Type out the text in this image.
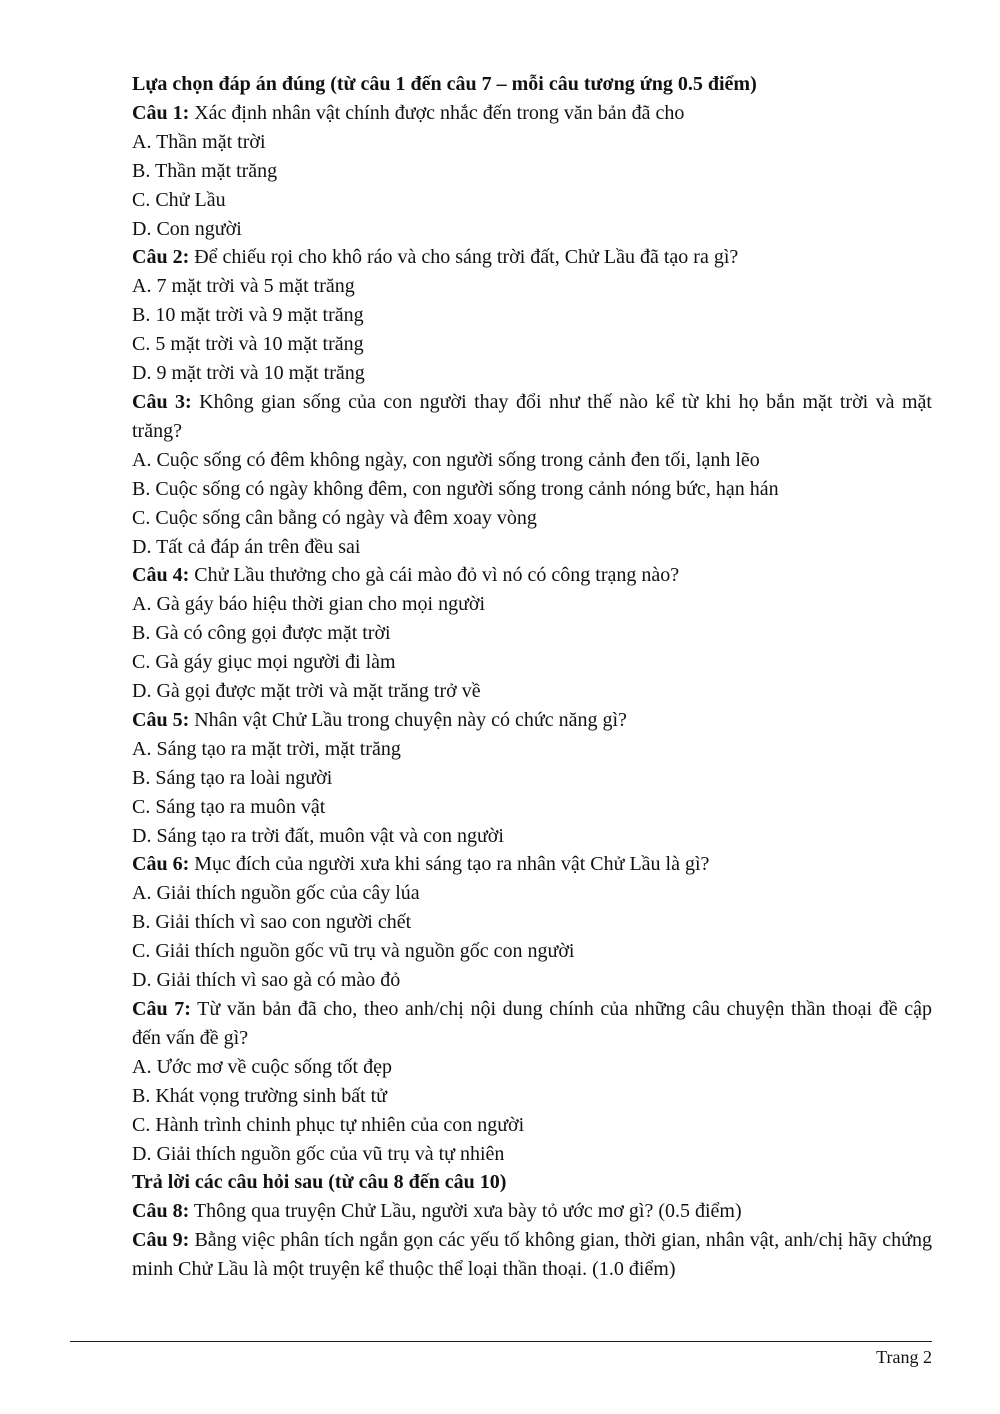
Lựa chọn đáp án đúng (từ câu 1 đến câu 7 – mỗi câu tương ứng 0.5 điểm)

Câu 1: Xác định nhân vật chính được nhắc đến trong văn bản đã cho

A. Thần mặt trời

B. Thần mặt trăng

C. Chử Lầu

D. Con người

Câu 2: Để chiếu rọi cho khô ráo và cho sáng trời đất, Chử Lầu đã tạo ra gì?

A. 7 mặt trời và 5 mặt trăng

B. 10 mặt trời và 9 mặt trăng

C. 5 mặt trời và 10 mặt trăng

D. 9 mặt trời và 10 mặt trăng

Câu 3: Không gian sống của con người thay đổi như thế nào kể từ khi họ bắn mặt trời và mặt trăng?

A. Cuộc sống có đêm không ngày, con người sống trong cảnh đen tối, lạnh lẽo

B. Cuộc sống có ngày không đêm, con người sống trong cảnh nóng bức, hạn hán

C. Cuộc sống cân bằng có ngày và đêm xoay vòng

D. Tất cả đáp án trên đều sai

Câu 4: Chử Lầu thưởng cho gà cái mào đỏ vì nó có công trạng nào?

A. Gà gáy báo hiệu thời gian cho mọi người

B. Gà có công gọi được mặt trời

C. Gà gáy giục mọi người đi làm

D. Gà gọi được mặt trời và mặt trăng trở về

Câu 5: Nhân vật Chử Lầu trong chuyện này có chức năng gì?

A. Sáng tạo ra mặt trời, mặt trăng

B. Sáng tạo ra loài người

C. Sáng tạo ra muôn vật

D. Sáng tạo ra trời đất, muôn vật và con người

Câu 6: Mục đích của người xưa khi sáng tạo ra nhân vật Chử Lầu là gì?

A. Giải thích nguồn gốc của cây lúa

B. Giải thích vì sao con người chết

C. Giải thích nguồn gốc vũ trụ và nguồn gốc con người

D. Giải thích vì sao gà có mào đỏ

Câu 7: Từ văn bản đã cho, theo anh/chị nội dung chính của những câu chuyện thần thoại đề cập đến vấn đề gì?

A. Ước mơ về cuộc sống tốt đẹp

B. Khát vọng trường sinh bất tử

C. Hành trình chinh phục tự nhiên của con người

D. Giải thích nguồn gốc của vũ trụ và tự nhiên

Trả lời các câu hỏi sau (từ câu 8 đến câu 10)

Câu 8: Thông qua truyện Chử Lầu, người xưa bày tỏ ước mơ gì? (0.5 điểm)

Câu 9: Bằng việc phân tích ngắn gọn các yếu tố không gian, thời gian, nhân vật, anh/chị hãy chứng minh Chử Lầu là một truyện kể thuộc thể loại thần thoại. (1.0 điểm)

Trang 2
